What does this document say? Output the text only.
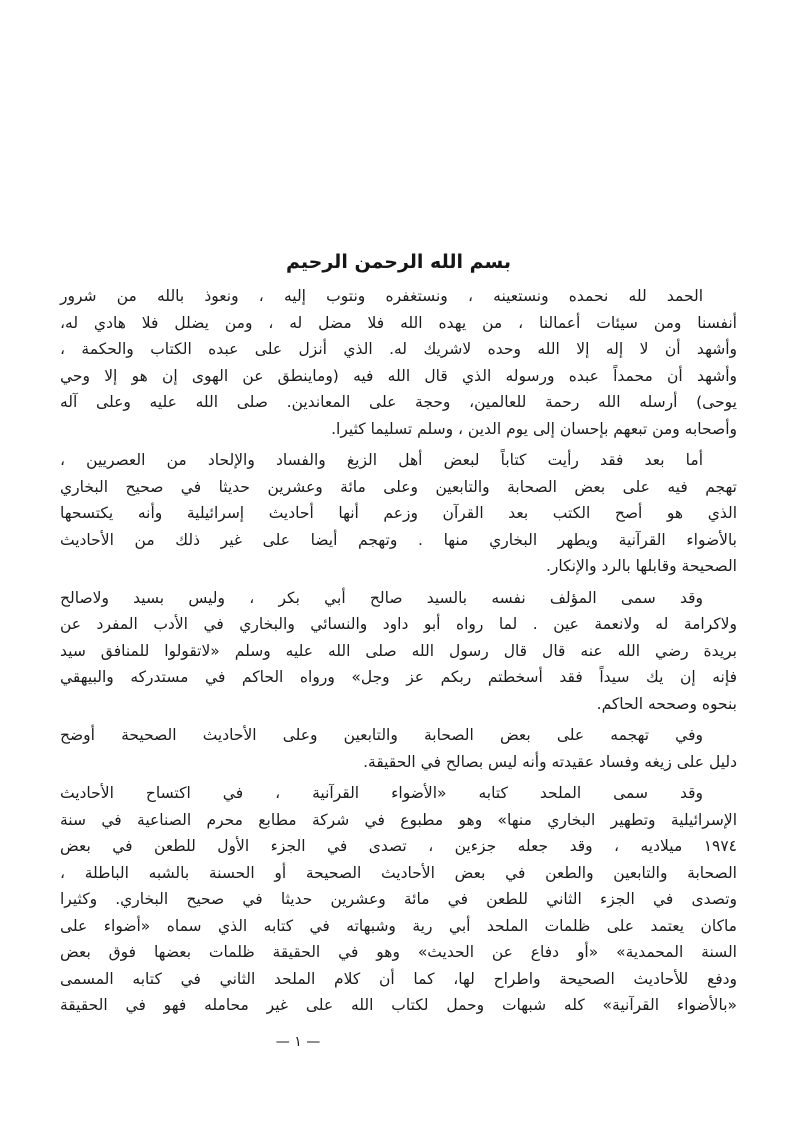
بسم الله الرحمن الرحيم
الحمد لله نحمده ونستعينه ، ونستغفره ونتوب إليه ، ونعوذ بالله من شرور
أنفسنا ومن سيئات أعمالنا ، من يهده الله فلا مضل له ، ومن يضلل فلا هادي له،
وأشهد أن لا إله إلا الله وحده لاشريك له. الذي أنزل على عبده الكتاب والحكمة ،
وأشهد أن محمداً عبده ورسوله الذي قال الله فيه (وماينطق عن الهوى إن هو إلا وحي
يوحى) أرسله الله رحمة للعالمين، وحجة على المعاندين. صلى الله عليه وعلى آله
وأصحابه ومن تبعهم بإحسان إلى يوم الدين ، وسلم تسليما كثيرا.
أما بعد فقد رأيت كتاباً لبعض أهل الزيغ والفساد والإلحاد من العصريين ،
تهجم فيه على بعض الصحابة والتابعين وعلى مائة وعشرين حديثا في صحيح البخاري
الذي هو أصح الكتب بعد القرآن وزعم أنها أحاديث إسرائيلية وأنه يكتسحها
بالأضواء القرآنية ويطهر البخاري منها . وتهجم أيضا على غير ذلك من الأحاديث
الصحيحة وقابلها بالرد والإنكار.
وقد سمى المؤلف نفسه بالسيد صالح أبي بكر ، وليس بسيد ولاصالح
ولاكرامة له ولانعمة عين . لما رواه أبو داود والنسائي والبخاري في الأدب المفرد عن
بريدة رضي الله عنه قال قال رسول الله صلى الله عليه وسلم «لاتقولوا للمنافق سيد
فإنه إن يك سيداً فقد أسخطتم ربكم عز وجل» ورواه الحاكم في مستدركه والبيهقي
بنحوه وصححه الحاكم.
وفي تهجمه على بعض الصحابة والتابعين وعلى الأحاديث الصحيحة أوضح
دليل على زيغه وفساد عقيدته وأنه ليس بصالح في الحقيقة.
وقد سمى الملحد كتابه «الأضواء القرآنية ، في اكتساح الأحاديث
الإسرائيلية وتطهير البخاري منها» وهو مطبوع في شركة مطابع محرم الصناعية في سنة
١٩٧٤ ميلاديه ، وقد جعله جزءين ، تصدى في الجزء الأول للطعن في بعض
الصحابة والتابعين والطعن في بعض الأحاديث الصحيحة أو الحسنة بالشبه الباطلة ،
وتصدى في الجزء الثاني للطعن في مائة وعشرين حديثا في صحيح البخاري. وكثيرا
ماكان يعتمد على ظلمات الملحد أبي رية وشبهاته في كتابه الذي سماه «أضواء على
السنة المحمدية» «أو دفاع عن الحديث» وهو في الحقيقة ظلمات بعضها فوق بعض
ودفع للأحاديث الصحيحة واطراح لها، كما أن كلام الملحد الثاني في كتابه المسمى
«بالأضواء القرآنية» كله شبهات وحمل لكتاب الله على غير محامله فهو في الحقيقة
— ١ —
